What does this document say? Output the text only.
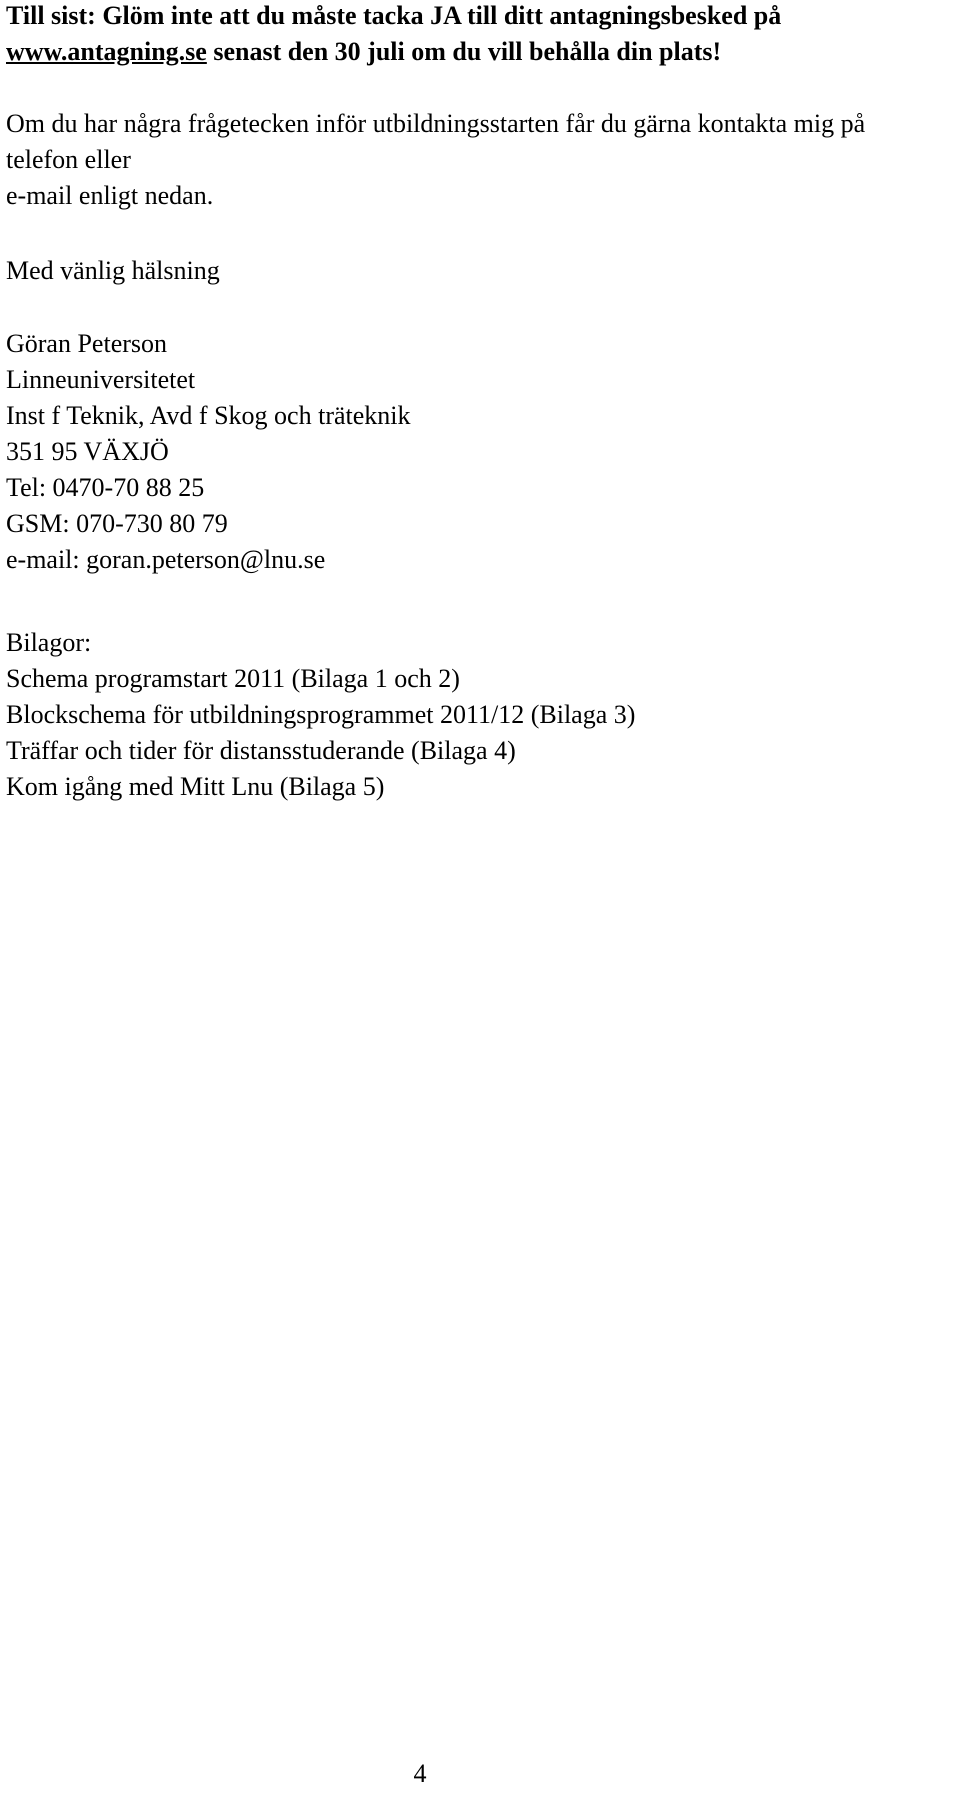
Till sist: Glöm inte att du måste tacka JA till ditt antagningsbesked på
www.antagning.se senast den 30 juli om du vill behålla din plats!
Om du har några frågetecken inför utbildningsstarten får du gärna kontakta mig på
telefon eller
e-mail enligt nedan.
Med vänlig hälsning
Göran Peterson
Linneuniversitetet
Inst f Teknik, Avd f Skog och träteknik
351 95 VÄXJÖ
Tel: 0470-70 88 25
GSM: 070-730 80 79
e-mail: goran.peterson@lnu.se
Bilagor:
Schema programstart 2011 (Bilaga 1 och 2)
Blockschema för utbildningsprogrammet 2011/12 (Bilaga 3)
Träffar och tider för distansstuderande (Bilaga 4)
Kom igång med Mitt Lnu (Bilaga 5)
4
